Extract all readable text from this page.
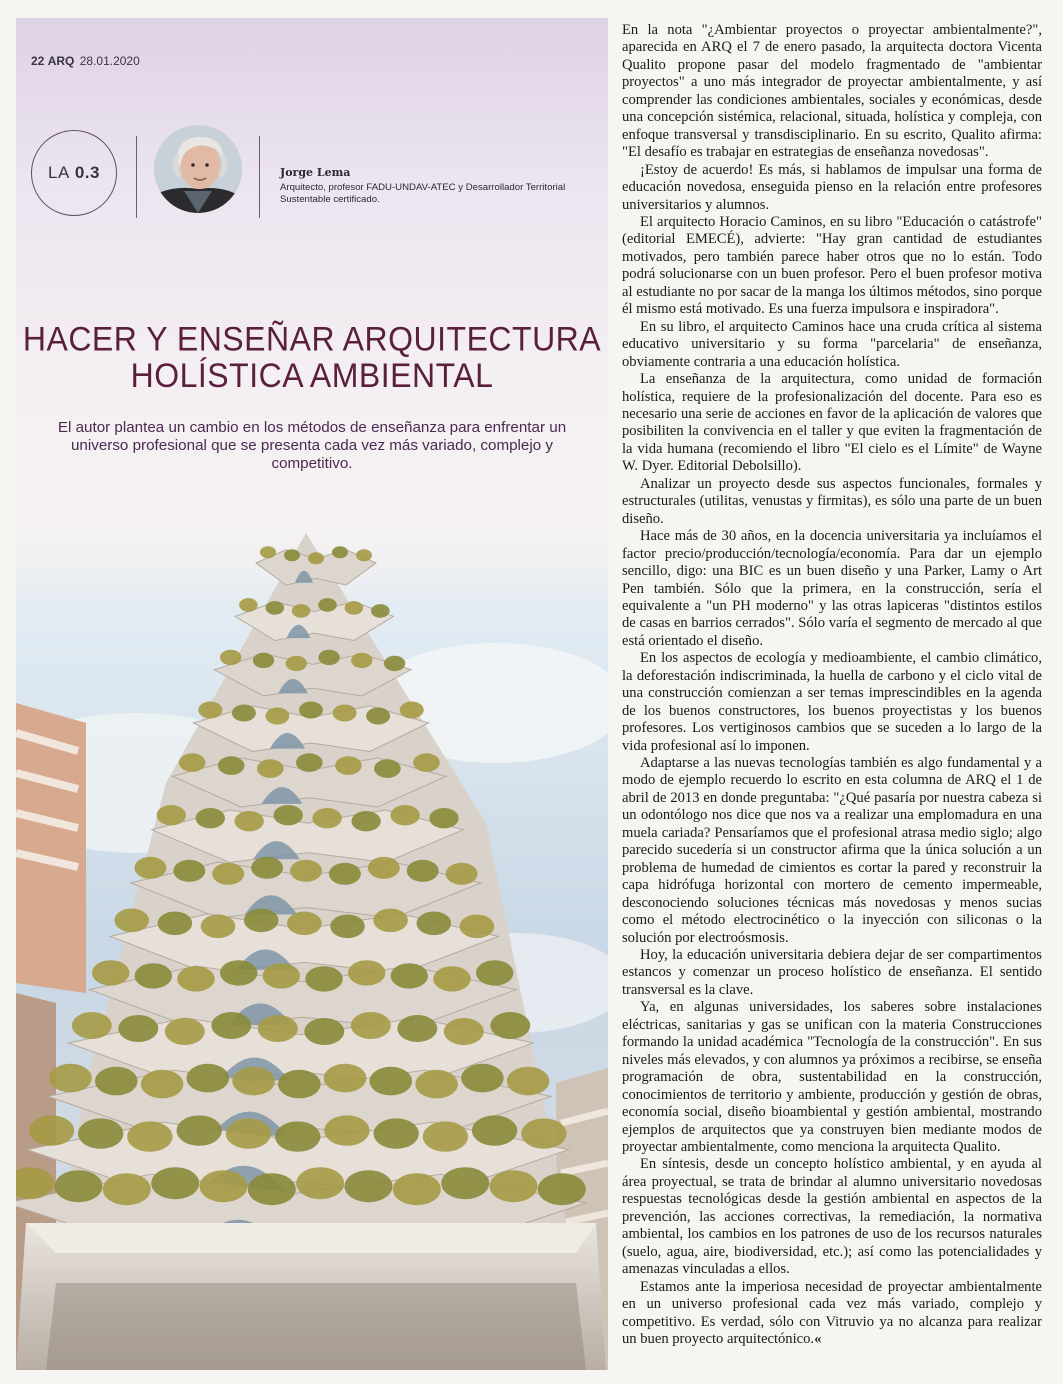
22 ARQ 28.01.2020
LA 0.3	Jorge Lema
Arquitecto, profesor FADU-UNDAV-ATEC y Desarrollador Territorial Sustentable certificado.
HACER Y ENSEÑAR ARQUITECTURA
HOLÍSTICA AMBIENTAL
El autor plantea un cambio en los métodos de enseñanza para enfrentar un universo profesional que se presenta cada vez más variado, complejo y competitivo.

En la nota "¿Ambientar proyectos o proyectar ambientalmente?", aparecida en ARQ el 7 de enero pasado, la arquitecta doctora Vicenta Qualito propone pasar del modelo fragmentado de "ambientar proyectos" a uno más integrador de proyectar ambientalmente, y así comprender las condiciones ambientales, sociales y económicas, desde una concepción sistémica, relacional, situada, holística y compleja, con enfoque transversal y transdisciplinario. En su escrito, Qualito afirma: "El desafío es trabajar en estrategias de enseñanza novedosas".

¡Estoy de acuerdo! Es más, si hablamos de impulsar una forma de educación novedosa, enseguida pienso en la relación entre profesores universitarios y alumnos.

El arquitecto Horacio Caminos, en su libro "Educación o catástrofe" (editorial EMECÉ), advierte: "Hay gran cantidad de estudiantes motivados, pero también parece haber otros que no lo están. Todo podrá solucionarse con un buen profesor. Pero el buen profesor motiva al estudiante no por sacar de la manga los últimos métodos, sino porque él mismo está motivado. Es una fuerza impulsora e inspiradora".

En su libro, el arquitecto Caminos hace una cruda crítica al sistema educativo universitario y su forma "parcelaria" de enseñanza, obviamente contraria a una educación holística.

La enseñanza de la arquitectura, como unidad de formación holística, requiere de la profesionalización del docente. Para eso es necesario una serie de acciones en favor de la aplicación de valores que posibiliten la convivencia en el taller y que eviten la fragmentación de la vida humana (recomiendo el libro "El cielo es el Límite" de Wayne W. Dyer. Editorial Debolsillo).

Analizar un proyecto desde sus aspectos funcionales, formales y estructurales (utilitas, venustas y firmitas), es sólo una parte de un buen diseño.

Hace más de 30 años, en la docencia universitaria ya incluíamos el factor precio/producción/tecnología/economía. Para dar un ejemplo sencillo, digo: una BIC es un buen diseño y una Parker, Lamy o Art Pen también. Sólo que la primera, en la construcción, sería el equivalente a "un PH moderno" y las otras lapiceras "distintos estilos de casas en barrios cerrados". Sólo varía el segmento de mercado al que está orientado el diseño.

En los aspectos de ecología y medioambiente, el cambio climático, la deforestación indiscriminada, la huella de carbono y el ciclo vital de una construcción comienzan a ser temas imprescindibles en la agenda de los buenos constructores, los buenos proyectistas y los buenos profesores. Los vertiginosos cambios que se suceden a lo largo de la vida profesional así lo imponen.

Adaptarse a las nuevas tecnologías también es algo fundamental y a modo de ejemplo recuerdo lo escrito en esta columna de ARQ el 1 de abril de 2013 en donde preguntaba: "¿Qué pasaría por nuestra cabeza si un odontólogo nos dice que nos va a realizar una emplomadura en una muela cariada? Pensaríamos que el profesional atrasa medio siglo; algo parecido sucedería si un constructor afirma que la única solución a un problema de humedad de cimientos es cortar la pared y reconstruir la capa hidrófuga horizontal con mortero de cemento impermeable, desconociendo soluciones técnicas más novedosas y menos sucias como el método electrocinético o la inyección con siliconas o la solución por electroósmosis.

Hoy, la educación universitaria debiera dejar de ser compartimentos estancos y comenzar un proceso holístico de enseñanza. El sentido transversal es la clave.

Ya, en algunas universidades, los saberes sobre instalaciones eléctricas, sanitarias y gas se unifican con la materia Construcciones formando la unidad académica "Tecnología de la construcción". En sus niveles más elevados, y con alumnos ya próximos a recibirse, se enseña programación de obra, sustentabilidad en la construcción, conocimientos de territorio y ambiente, producción y gestión de obras, economía social, diseño bioambiental y gestión ambiental, mostrando ejemplos de arquitectos que ya construyen bien mediante modos de proyectar ambientalmente, como menciona la arquitecta Qualito.

En síntesis, desde un concepto holístico ambiental, y en ayuda al área proyectual, se trata de brindar al alumno universitario novedosas respuestas tecnológicas desde la gestión ambiental en aspectos de la prevención, las acciones correctivas, la remediación, la normativa ambiental, los cambios en los patrones de uso de los recursos naturales (suelo, agua, aire, biodiversidad, etc.); así como las potencialidades y amenazas vinculadas a ellos.

Estamos ante la imperiosa necesidad de proyectar ambientalmente en un universo profesional cada vez más variado, complejo y competitivo. Es verdad, sólo con Vitruvio ya no alcanza para realizar un buen proyecto arquitectónico.«
